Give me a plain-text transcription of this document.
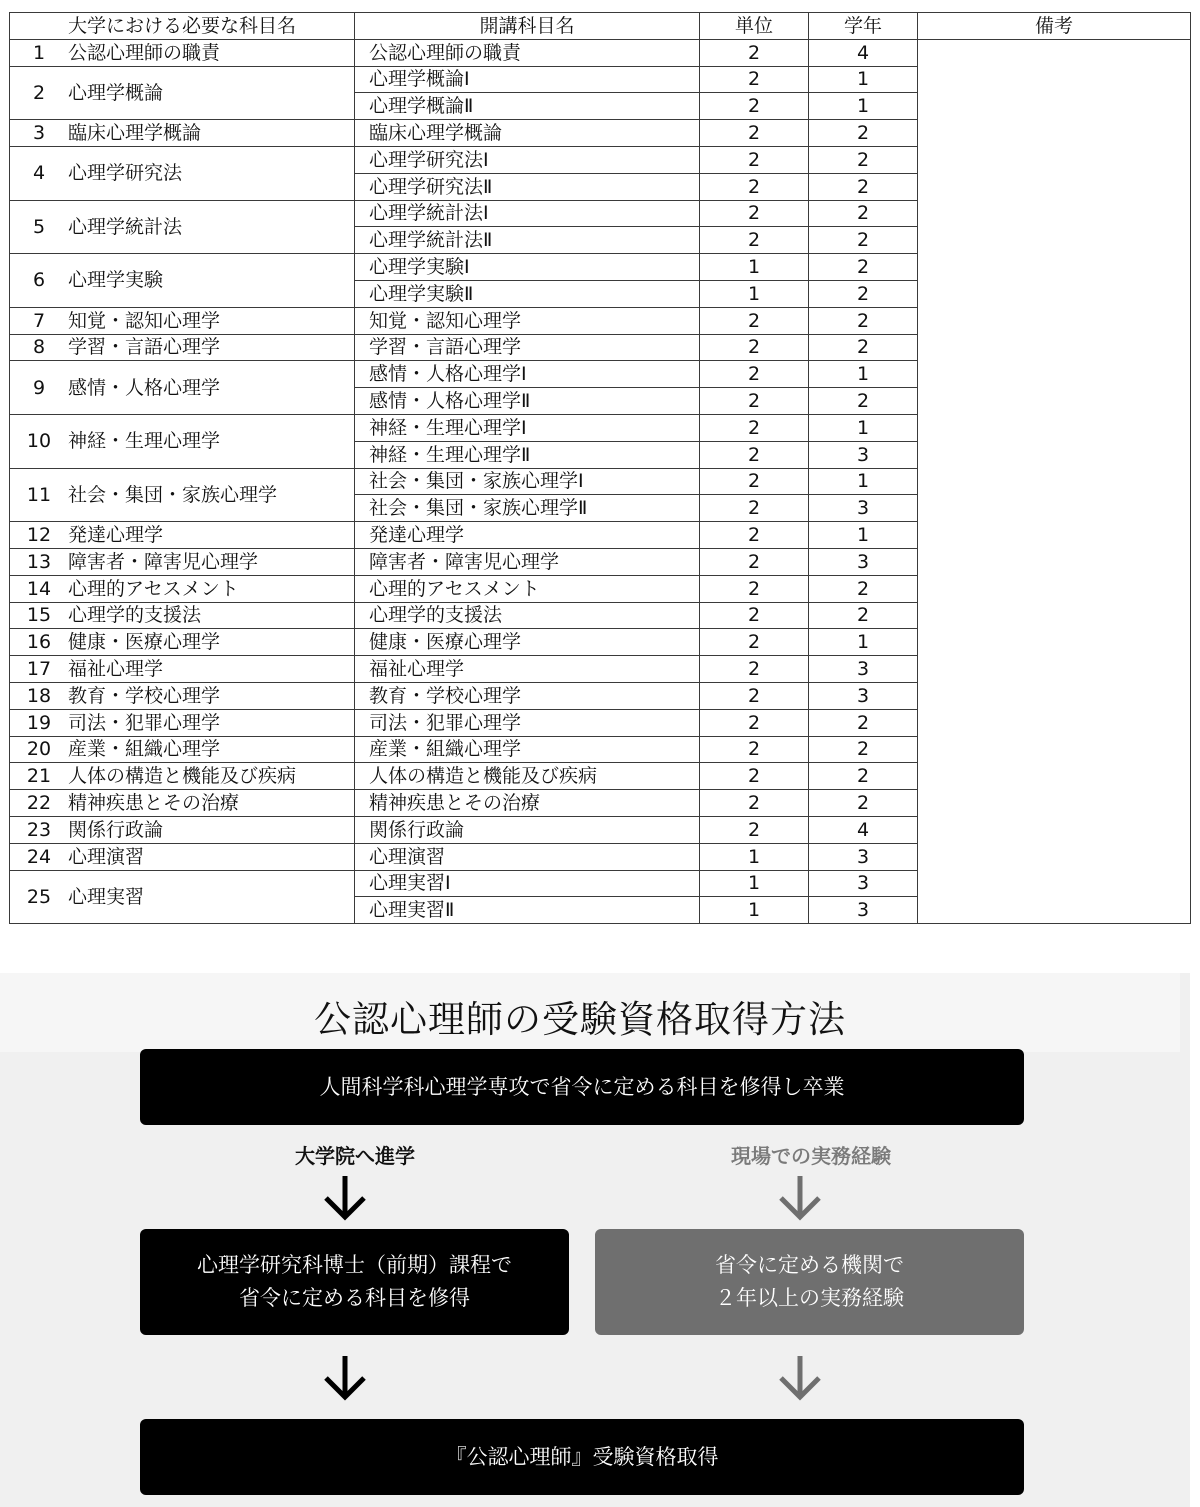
大学における必要な科目名	開講科目名	単位	学年	備考
1 公認心理師の職責	公認心理師の職責	2	4	
2 心理学概論	心理学概論Ⅰ	2	1	
	心理学概論Ⅱ	2	1	
3 臨床心理学概論	臨床心理学概論	2	2	
4 心理学研究法	心理学研究法Ⅰ	2	2	
	心理学研究法Ⅱ	2	2	
5 心理学統計法	心理学統計法Ⅰ	2	2	
	心理学統計法Ⅱ	2	2	
6 心理学実験	心理学実験Ⅰ	1	2	
	心理学実験Ⅱ	1	2	
7 知覚・認知心理学	知覚・認知心理学	2	2	
8 学習・言語心理学	学習・言語心理学	2	2	
9 感情・人格心理学	感情・人格心理学Ⅰ	2	1	
	感情・人格心理学Ⅱ	2	2	
10 神経・生理心理学	神経・生理心理学Ⅰ	2	1	
	神経・生理心理学Ⅱ	2	3	
11 社会・集団・家族心理学	社会・集団・家族心理学Ⅰ	2	1	
	社会・集団・家族心理学Ⅱ	2	3	
12 発達心理学	発達心理学	2	1	
13 障害者・障害児心理学	障害者・障害児心理学	2	3	
14 心理的アセスメント	心理的アセスメント	2	2	
15 心理学的支援法	心理学的支援法	2	2	
16 健康・医療心理学	健康・医療心理学	2	1	
17 福祉心理学	福祉心理学	2	3	
18 教育・学校心理学	教育・学校心理学	2	3	
19 司法・犯罪心理学	司法・犯罪心理学	2	2	
20 産業・組織心理学	産業・組織心理学	2	2	
21 人体の構造と機能及び疾病	人体の構造と機能及び疾病	2	2	
22 精神疾患とその治療	精神疾患とその治療	2	2	
23 関係行政論	関係行政論	2	4	
24 心理演習	心理演習	1	3	
25 心理実習	心理実習Ⅰ	1	3	
	心理実習Ⅱ	1	3	
公認心理師の受験資格取得方法
人間科学科心理学専攻で省令に定める科目を修得し卒業
大学院へ進学	現場での実務経験
心理学研究科博士（前期）課程で
省令に定める科目を修得
省令に定める機関で
２年以上の実務経験
『公認心理師』受験資格取得
